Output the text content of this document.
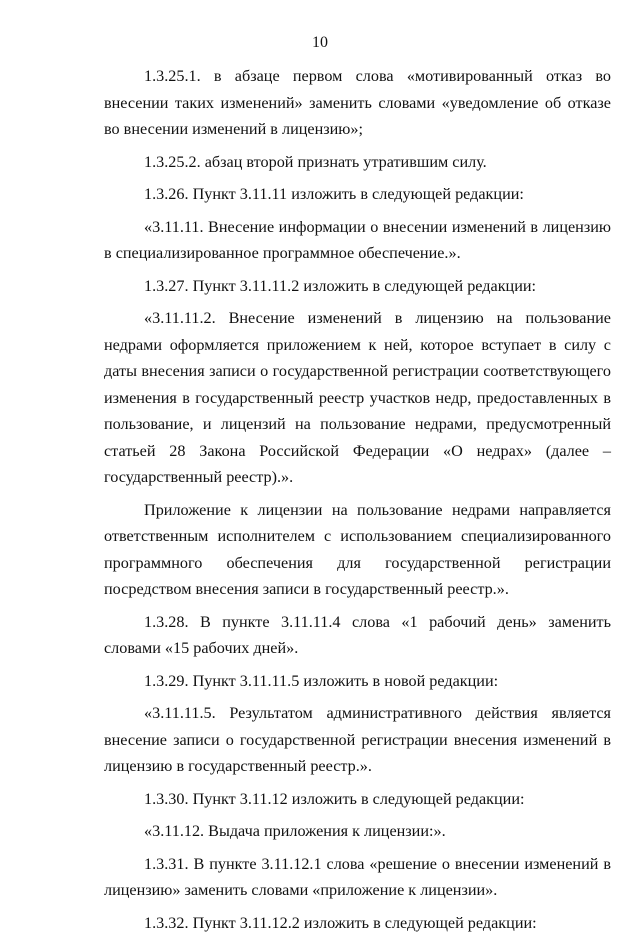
10

1.3.25.1. в абзаце первом слова «мотивированный отказ во внесении таких изменений» заменить словами «уведомление об отказе во внесении изменений в лицензию»;

1.3.25.2. абзац второй признать утратившим силу.

1.3.26. Пункт 3.11.11 изложить в следующей редакции:

«3.11.11. Внесение информации о внесении изменений в лицензию в специализированное программное обеспечение.».

1.3.27. Пункт 3.11.11.2 изложить в следующей редакции:

«3.11.11.2. Внесение изменений в лицензию на пользование недрами оформляется приложением к ней, которое вступает в силу с даты внесения записи о государственной регистрации соответствующего изменения в государственный реестр участков недр, предоставленных в пользование, и лицензий на пользование недрами, предусмотренный статьей 28 Закона Российской Федерации «О недрах» (далее – государственный реестр).».

Приложение к лицензии на пользование недрами направляется ответственным исполнителем с использованием специализированного программного обеспечения для государственной регистрации посредством внесения записи в государственный реестр.».

1.3.28. В пункте 3.11.11.4 слова «1 рабочий день» заменить словами «15 рабочих дней».

1.3.29. Пункт 3.11.11.5 изложить в новой редакции:

«3.11.11.5. Результатом административного действия является внесение записи о государственной регистрации внесения изменений в лицензию в государственный реестр.».

1.3.30. Пункт 3.11.12 изложить в следующей редакции:

«3.11.12. Выдача приложения к лицензии:».

1.3.31. В пункте 3.11.12.1 слова «решение о внесении изменений в лицензию» заменить словами «приложение к лицензии».

1.3.32. Пункт 3.11.12.2 изложить в следующей редакции:
